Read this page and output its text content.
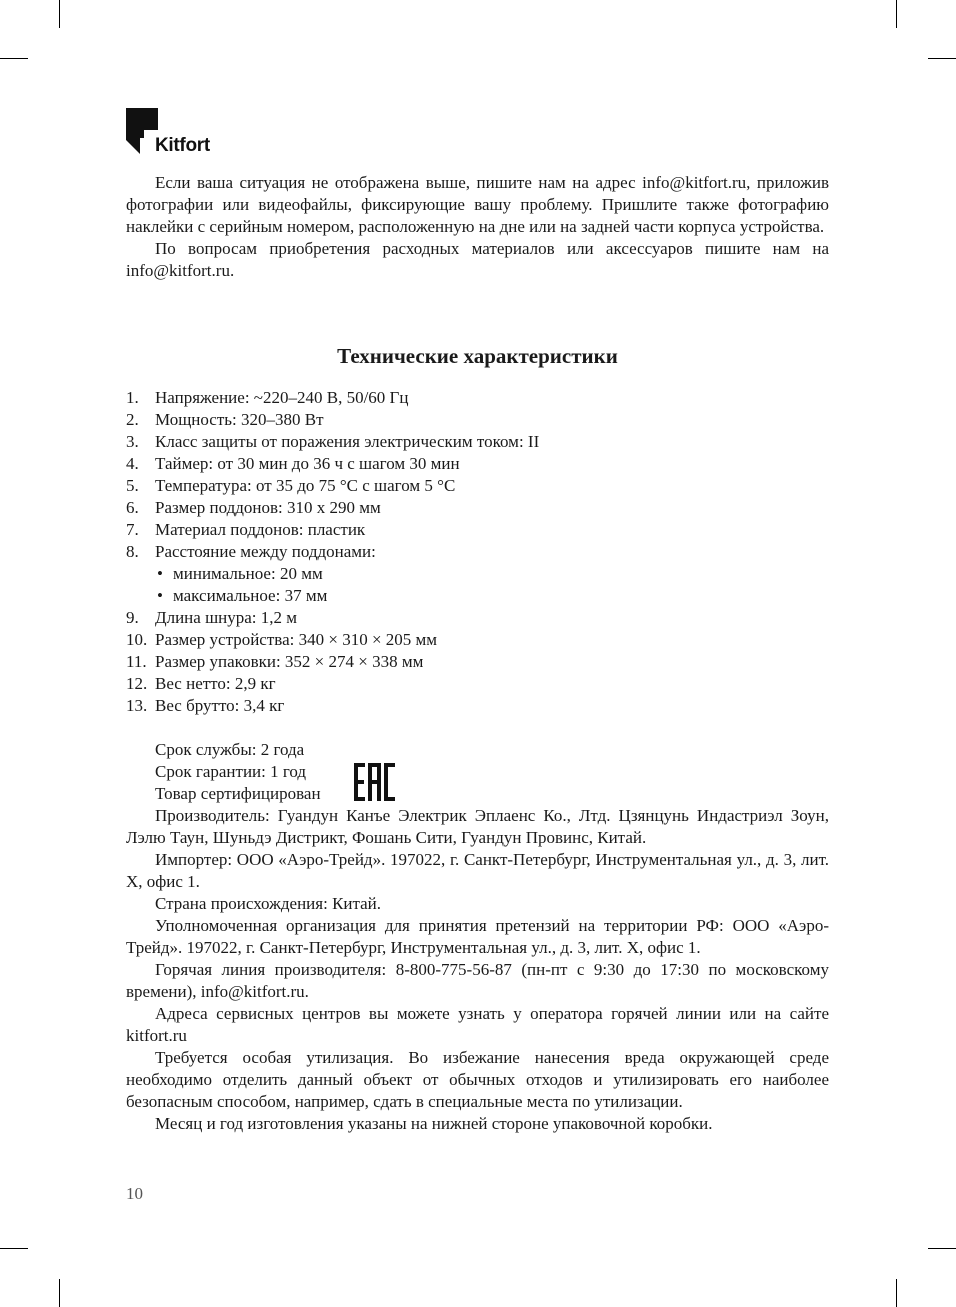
Kitfort

Если ваша ситуация не отображена выше, пишите нам на адрес info@kitfort.ru, приложив фотографии или видеофайлы, фиксирующие вашу проблему. Пришлите также фотографию наклейки с серийным номером, расположенную на дне или на задней части корпуса устройства.

По вопросам приобретения расходных материалов или аксессуаров пишите нам на info@kitfort.ru.

Технические характеристики
1. Напряжение: ~220–240 В, 50/60 Гц
2. Мощность: 320–380 Вт
3. Класс защиты от поражения электрическим током: II
4. Таймер: от 30 мин до 36 ч с шагом 30 мин
5. Температура: от 35 до 75 °C с шагом 5 °C
6. Размер поддонов: 310 х 290 мм
7. Материал поддонов: пластик
8. Расстояние между поддонами:
• минимальное: 20 мм
• максимальное: 37 мм
9. Длина шнура: 1,2 м
10. Размер устройства: 340 × 310 × 205 мм
11. Размер упаковки: 352 × 274 × 338 мм
12. Вес нетто: 2,9 кг
13. Вес брутто: 3,4 кг
Срок службы: 2 года
Срок гарантии: 1 год
Товар сертифицирован

Производитель: Гуандун Канъе Электрик Эплаенс Ко., Лтд. Цзянцунь Индастриэл Зоун, Лэлю Таун, Шуньдэ Дистрикт, Фошань Сити, Гуандун Провинс, Китай.

Импортер: ООО «Аэро-Трейд». 197022, г. Санкт-Петербург, Инструментальная ул., д. 3, лит. Х, офис 1.

Страна происхождения: Китай.

Уполномоченная организация для принятия претензий на территории РФ: ООО «Аэро-Трейд». 197022, г. Санкт-Петербург, Инструментальная ул., д. 3, лит. Х, офис 1.

Горячая линия производителя: 8-800-775-56-87 (пн-пт с 9:30 до 17:30 по московскому времени), info@kitfort.ru.

Адреса сервисных центров вы можете узнать у оператора горячей линии или на сайте kitfort.ru

Требуется особая утилизация. Во избежание нанесения вреда окружающей среде необходимо отделить данный объект от обычных отходов и утилизировать его наиболее безопасным способом, например, сдать в специальные места по утилизации.

Месяц и год изготовления указаны на нижней стороне упаковочной коробки.

10
